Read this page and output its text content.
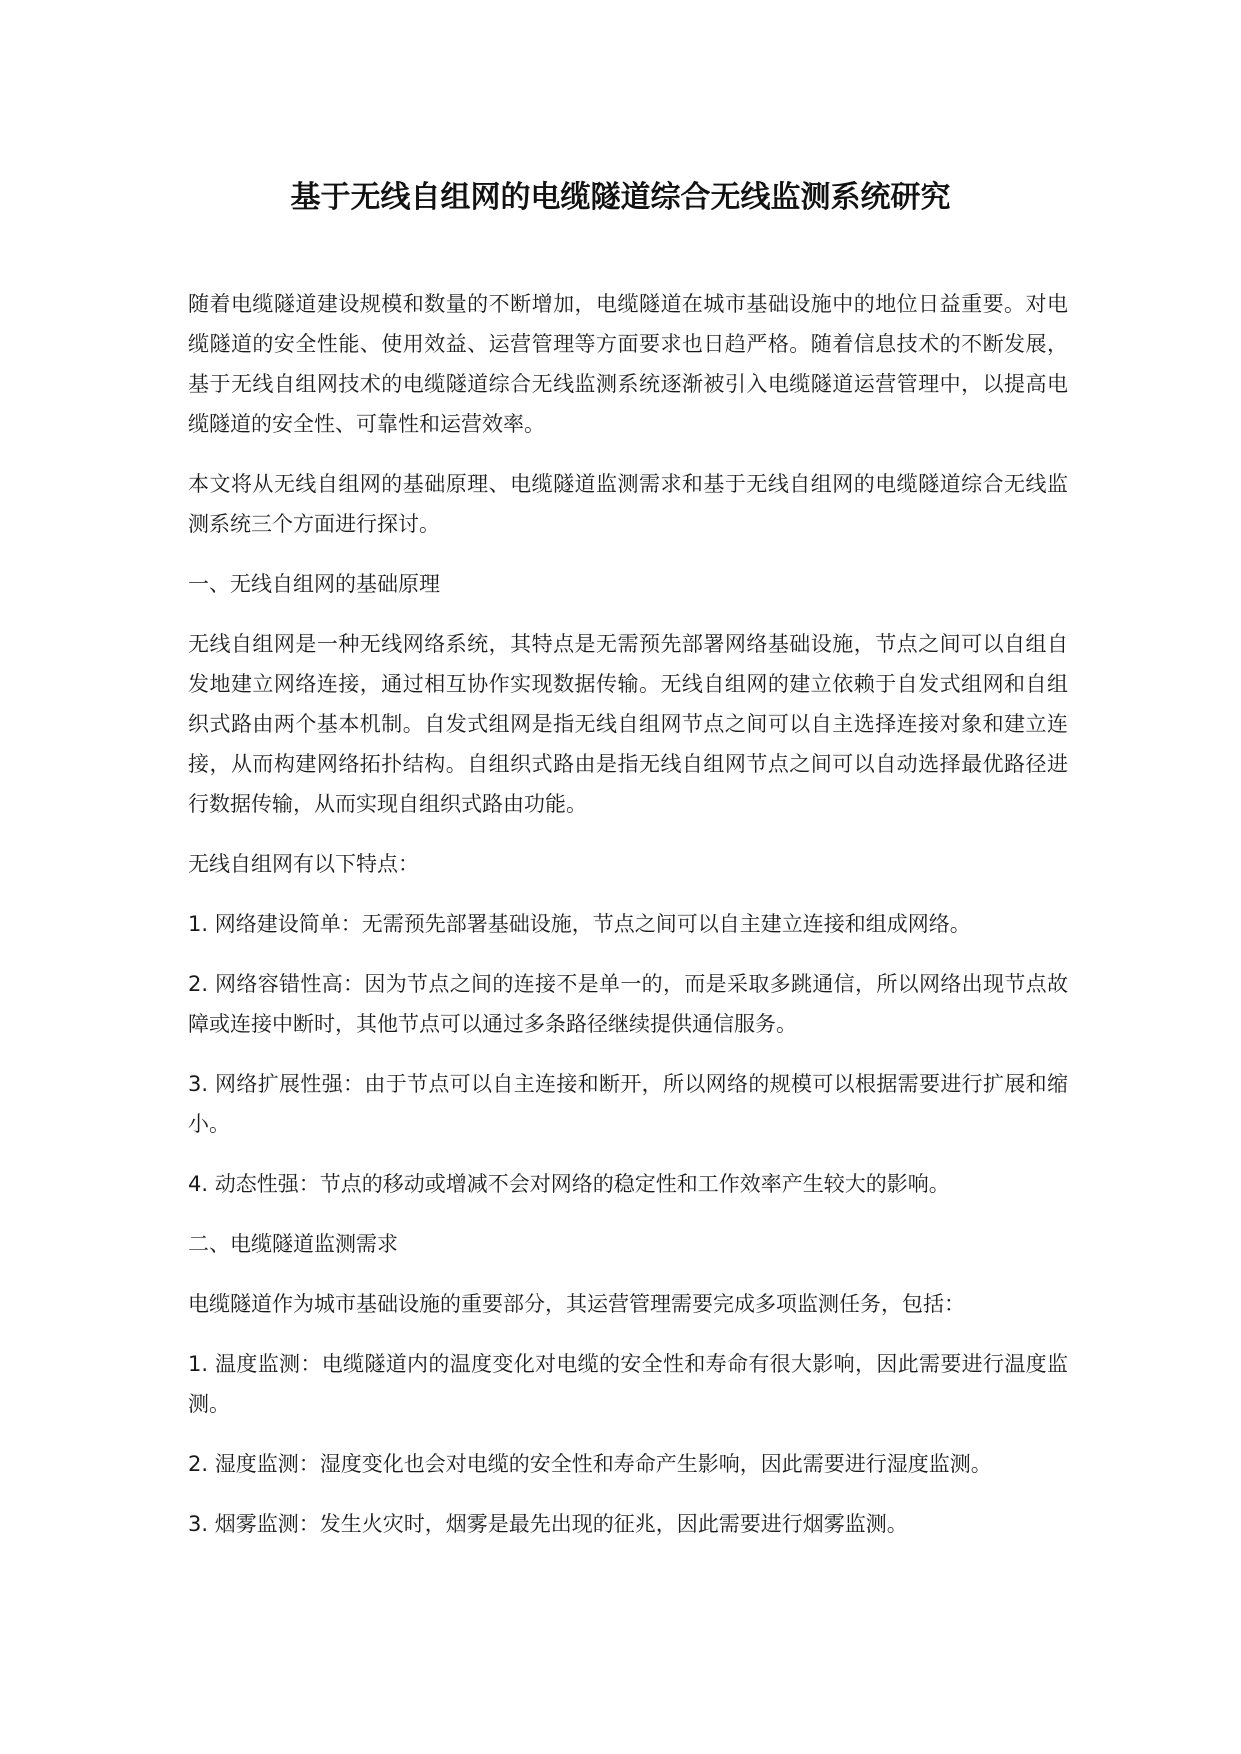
基于无线自组网的电缆隧道综合无线监测系统研究

随着电缆隧道建设规模和数量的不断增加，电缆隧道在城市基础设施中的地位日益重要。对电缆隧道的安全性能、使用效益、运营管理等方面要求也日趋严格。随着信息技术的不断发展，基于无线自组网技术的电缆隧道综合无线监测系统逐渐被引入电缆隧道运营管理中，以提高电缆隧道的安全性、可靠性和运营效率。

本文将从无线自组网的基础原理、电缆隧道监测需求和基于无线自组网的电缆隧道综合无线监测系统三个方面进行探讨。

一、无线自组网的基础原理

无线自组网是一种无线网络系统，其特点是无需预先部署网络基础设施，节点之间可以自组自发地建立网络连接，通过相互协作实现数据传输。无线自组网的建立依赖于自发式组网和自组织式路由两个基本机制。自发式组网是指无线自组网节点之间可以自主选择连接对象和建立连接，从而构建网络拓扑结构。自组织式路由是指无线自组网节点之间可以自动选择最优路径进行数据传输，从而实现自组织式路由功能。

无线自组网有以下特点：

1. 网络建设简单：无需预先部署基础设施，节点之间可以自主建立连接和组成网络。

2. 网络容错性高：因为节点之间的连接不是单一的，而是采取多跳通信，所以网络出现节点故障或连接中断时，其他节点可以通过多条路径继续提供通信服务。

3. 网络扩展性强：由于节点可以自主连接和断开，所以网络的规模可以根据需要进行扩展和缩小。

4. 动态性强：节点的移动或增减不会对网络的稳定性和工作效率产生较大的影响。

二、电缆隧道监测需求

电缆隧道作为城市基础设施的重要部分，其运营管理需要完成多项监测任务，包括：

1. 温度监测：电缆隧道内的温度变化对电缆的安全性和寿命有很大影响，因此需要进行温度监测。

2. 湿度监测：湿度变化也会对电缆的安全性和寿命产生影响，因此需要进行湿度监测。

3. 烟雾监测：发生火灾时，烟雾是最先出现的征兆，因此需要进行烟雾监测。
